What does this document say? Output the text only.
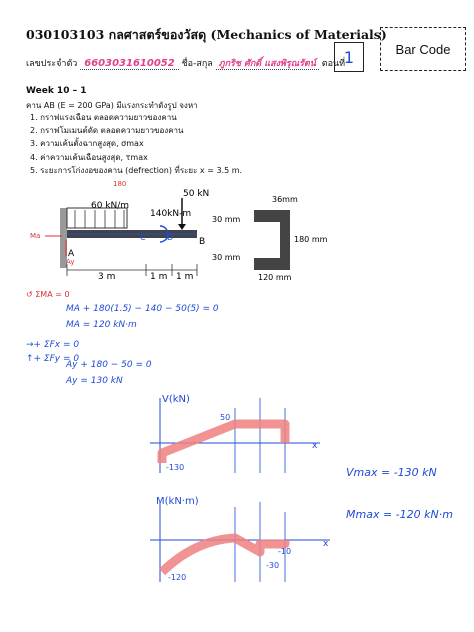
030103103 กลศาสตร์ของวัสดุ (Mechanics of Materials)
Bar Code
เลขประจำตัว 6603031610052 ชื่อ-สกุล ภูกริช ศักดิ์ แสงพิรุณรัตน์ ตอนที่
1
Week 10 – 1
คาน AB (E = 200 GPa) มีแรงกระทำดังรูป จงหา
1. กราฟแรงเฉือน ตลอดความยาวของคาน
2. กราฟโมเมนต์ดัด ตลอดความยาวของคาน
3. ความเค้นตั้งฉากสูงสุด, σmax
4. ค่าความเค้นเฉือนสูงสุด, τmax
5. ระยะการโก่งงอของคาน (defrection) ที่ระยะ x = 3.5 m.
60 kN/m
50 kN
140kN-m
A
B
C	D
180
Ma
Ay
3 m	1 m 1 m
36mm
180 mm
30 mm
30 mm
120 mm
↺ ΣMA = 0
MA + 180(1.5) − 140 − 50(5) = 0
MA = 120 kN·m
→+ ΣFx = 0
↑+ ΣFy = 0
Ay + 180 − 50 = 0
Ay = 130 kN
V(kN)
50
-130
x
M(kN·m)
-120
-10
-30
x
Vmax = -130 kN
Mmax = -120 kN·m
